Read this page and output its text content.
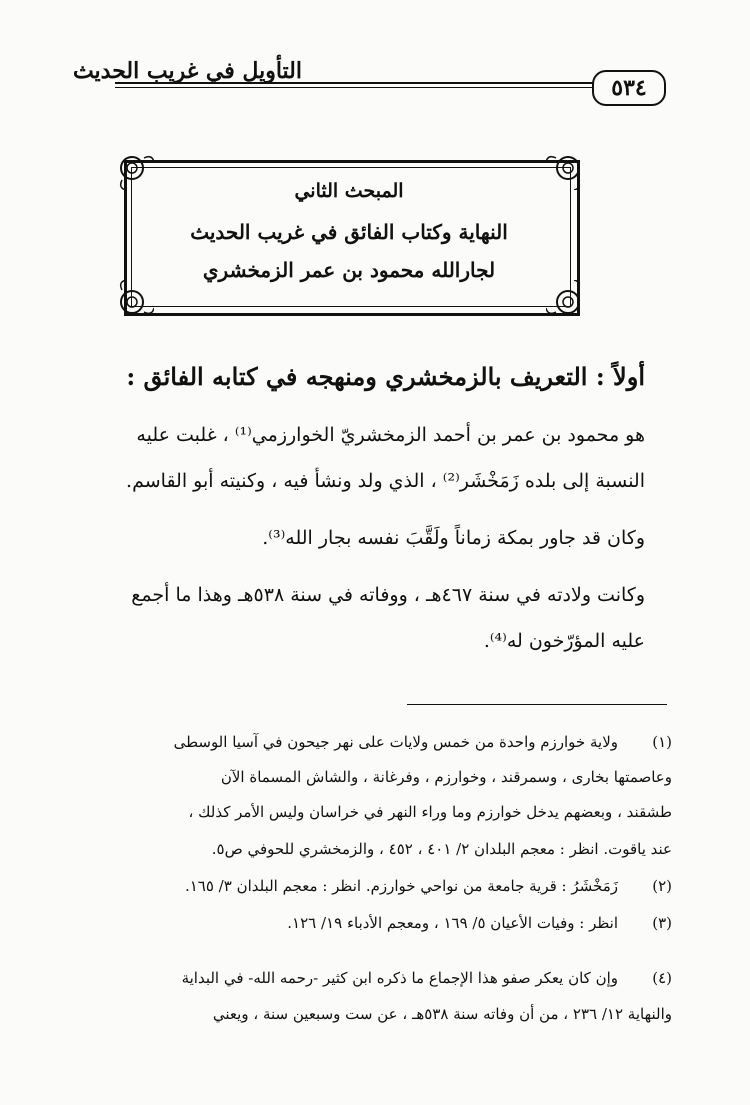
التأويل في غريب الحديث
٥٣٤
المبحث الثاني
النهاية وكتاب الفائق في غريب الحديث
لجارالله محمود بن عمر الزمخشري
أولاً : التعريف بالزمخشري ومنهجه في كتابه الفائق :
هو محمود بن عمر بن أحمد الزمخشريّ الخوارزمي⁽¹⁾ ، غلبت عليه
النسبة إلى بلده زَمَخْشَر⁽²⁾ ، الذي ولد ونشأ فيه ، وكنيته أبو القاسم.
وكان قد جاور بمكة زماناً ولَقَّبَ نفسه بجار الله⁽³⁾.
وكانت ولادته في سنة ٤٦٧هـ ، ووفاته في سنة ٥٣٨هـ وهذا ما أجمع
عليه المؤرّخون له⁽⁴⁾.
(١)
ولاية خوارزم واحدة من خمس ولايات على نهر جيحون في آسيا الوسطى
وعاصمتها بخارى ، وسمرقند ، وخوارزم ، وفرغانة ، والشاش المسماة الآن
طشقند ، وبعضهم يدخل خوارزم وما وراء النهر في خراسان وليس الأمر كذلك ،
عند ياقوت. انظر : معجم البلدان ٢/ ٤٠١ ، ٤٥٢ ، والزمخشري للحوفي ص٥.
(٢)
زَمَخْشَرُ : قرية جامعة من نواحي خوارزم. انظر : معجم البلدان ٣/ ١٦٥.
(٣)
انظر : وفيات الأعيان ٥/ ١٦٩ ، ومعجم الأدباء ١٩/ ١٢٦.
(٤)
وإن كان يعكر صفو هذا الإجماع ما ذكره ابن كثير -رحمه الله- في البداية
والنهاية ١٢/ ٢٣٦ ، من أن وفاته سنة ٥٣٨هـ ، عن ست وسبعين سنة ، ويعني
